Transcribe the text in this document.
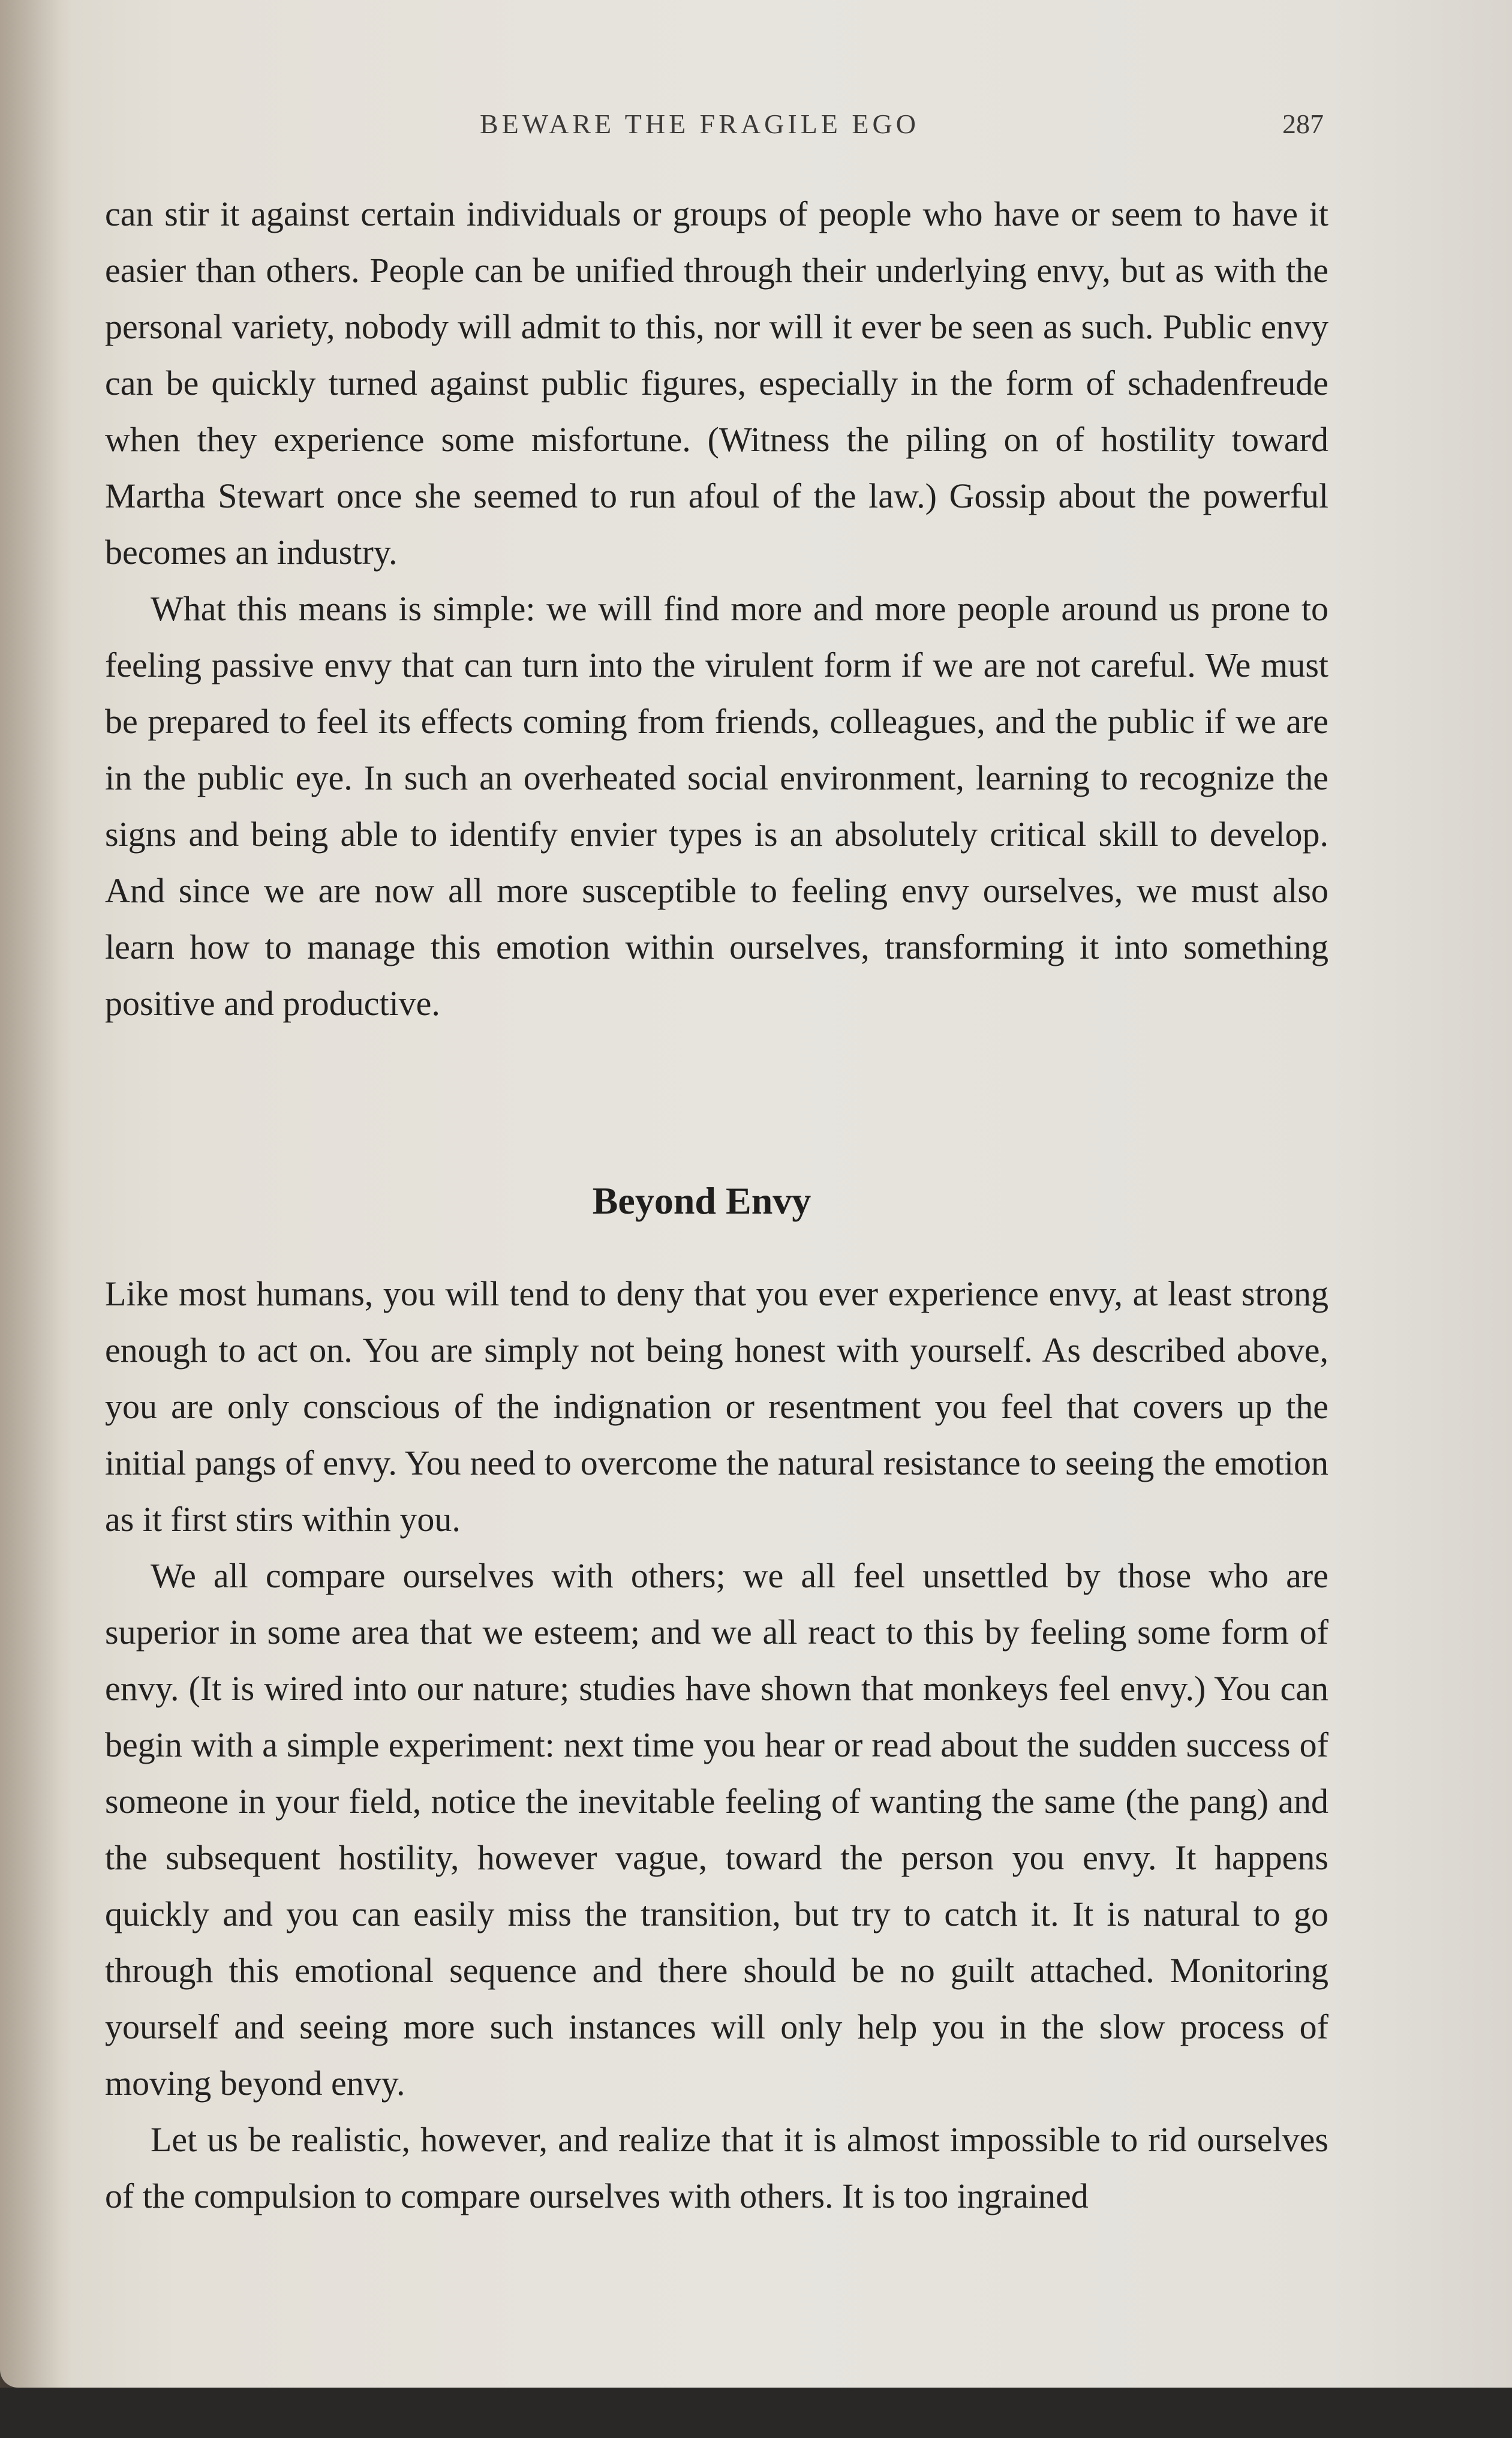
BEWARE THE FRAGILE EGO	287

can stir it against certain individuals or groups of people who have or seem to have it easier than others. People can be unified through their underlying envy, but as with the personal variety, nobody will admit to this, nor will it ever be seen as such. Public envy can be quickly turned against public figures, especially in the form of schadenfreude when they experience some misfortune. (Witness the piling on of hostility toward Martha Stewart once she seemed to run afoul of the law.) Gossip about the powerful becomes an industry.

What this means is simple: we will find more and more people around us prone to feeling passive envy that can turn into the virulent form if we are not careful. We must be prepared to feel its effects coming from friends, colleagues, and the public if we are in the public eye. In such an overheated social environment, learning to recognize the signs and being able to identify envier types is an absolutely critical skill to develop. And since we are now all more susceptible to feeling envy ourselves, we must also learn how to manage this emotion within ourselves, transforming it into something positive and productive.

Beyond Envy

Like most humans, you will tend to deny that you ever experience envy, at least strong enough to act on. You are simply not being honest with yourself. As described above, you are only conscious of the indignation or resentment you feel that covers up the initial pangs of envy. You need to overcome the natural resistance to seeing the emotion as it first stirs within you.

We all compare ourselves with others; we all feel unsettled by those who are superior in some area that we esteem; and we all react to this by feeling some form of envy. (It is wired into our nature; studies have shown that monkeys feel envy.) You can begin with a simple experiment: next time you hear or read about the sudden success of someone in your field, notice the inevitable feeling of wanting the same (the pang) and the subsequent hostility, however vague, toward the person you envy. It happens quickly and you can easily miss the transition, but try to catch it. It is natural to go through this emotional sequence and there should be no guilt attached. Monitoring yourself and seeing more such instances will only help you in the slow process of moving beyond envy.

Let us be realistic, however, and realize that it is almost impossible to rid ourselves of the compulsion to compare ourselves with others. It is too ingrained
